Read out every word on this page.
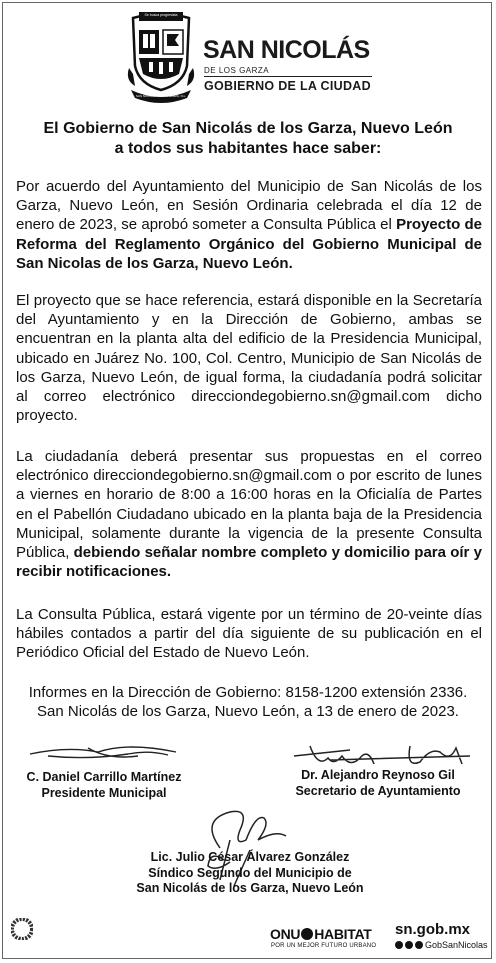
Se busca progresista
SAN NICOLÁS DE LOS GARZA, N.L.
SAN NICOLÁS
DE LOS GARZA
GOBIERNO DE LA CIUDAD
El Gobierno de San Nicolás de los Garza, Nuevo León
a todos sus habitantes hace saber:
Por acuerdo del Ayuntamiento del Municipio de San Nicolás de los Garza, Nuevo León, en Sesión Ordinaria celebrada el día 12 de enero de 2023, se aprobó someter a Consulta Pública el Proyecto de Reforma del Reglamento Orgánico del Gobierno Municipal de San Nicolas de los Garza, Nuevo León.
El proyecto que se hace referencia, estará disponible en la Secretaría del Ayuntamiento y en la Dirección de Gobierno, ambas se encuentran en la planta alta del edificio de la Presidencia Municipal, ubicado en Juárez No. 100, Col. Centro, Municipio de San Nicolás de los Garza, Nuevo León, de igual forma, la ciudadanía podrá solicitar al correo electrónico direcciondegobierno.sn@gmail.com dicho proyecto.
La ciudadanía deberá presentar sus propuestas en el correo electrónico direcciondegobierno.sn@gmail.com o por escrito de lunes a viernes en horario de 8:00 a 16:00 horas en la Oficialía de Partes en el Pabellón Ciudadano ubicado en la planta baja de la Presidencia Municipal, solamente durante la vigencia de la presente Consulta Pública, debiendo señalar nombre completo y domicilio para oír y recibir notificaciones.
La Consulta Pública, estará vigente por un término de 20-veinte días hábiles contados a partir del día siguiente de su publicación en el Periódico Oficial del Estado de Nuevo León.
Informes en la Dirección de Gobierno: 8158-1200 extensión 2336.
San Nicolás de los Garza, Nuevo León, a 13 de enero de 2023.
C. Daniel Carrillo Martínez
Presidente Municipal
Dr. Alejandro Reynoso Gil
Secretario de Ayuntamiento
Lic. Julio César Álvarez González
Síndico Segundo del Municipio de
San Nicolás de los Garza, Nuevo León
ONU HABITAT
POR UN MEJOR FUTURO URBANO
sn.gob.mx
GobSanNicolas
